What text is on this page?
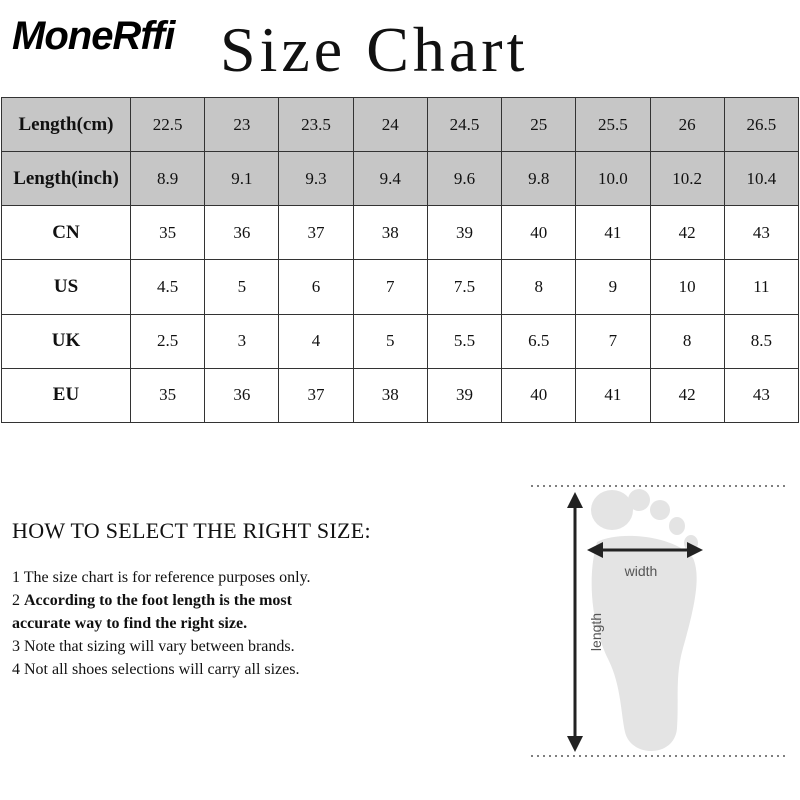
MoneRffi Size Chart
Length(cm)	22.5	23	23.5	24	24.5	25	25.5	26	26.5
Length(inch)	8.9	9.1	9.3	9.4	9.6	9.8	10.0	10.2	10.4
CN	35	36	37	38	39	40	41	42	43
US	4.5	5	6	7	7.5	8	9	10	11
UK	2.5	3	4	5	5.5	6.5	7	8	8.5
EU	35	36	37	38	39	40	41	42	43
HOW TO SELECT THE RIGHT SIZE:
1 The size chart is for reference purposes only.
2 According to the foot length is the most
accurate way to find the right size.
3 Note that sizing will vary between brands.
4 Not all shoes selections will carry all sizes.
width
length
